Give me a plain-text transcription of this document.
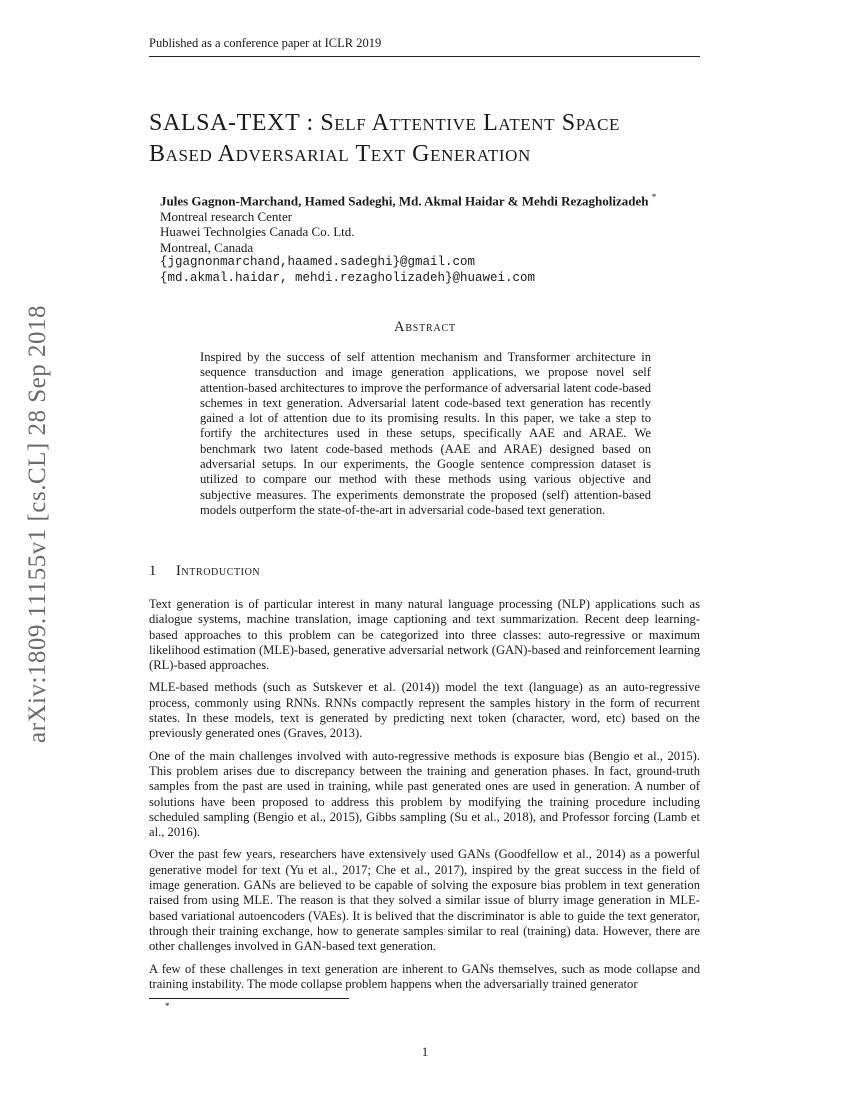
Published as a conference paper at ICLR 2019
arXiv:1809.11155v1 [cs.CL] 28 Sep 2018
SALSA-TEXT : Self Attentive Latent Space
Based Adversarial Text Generation
Jules Gagnon-Marchand, Hamed Sadeghi, Md. Akmal Haidar & Mehdi Rezagholizadeh *
Montreal research Center
Huawei Technolgies Canada Co. Ltd.
Montreal, Canada
{jgagnonmarchand,haamed.sadeghi}@gmail.com
{md.akmal.haidar, mehdi.rezagholizadeh}@huawei.com
Abstract
Inspired by the success of self attention mechanism and Transformer architecture in sequence transduction and image generation applications, we propose novel self attention-based architectures to improve the performance of adversarial latent code-based schemes in text generation. Adversarial latent code-based text generation has recently gained a lot of attention due to its promising results. In this paper, we take a step to fortify the architectures used in these setups, specifically AAE and ARAE. We benchmark two latent code-based methods (AAE and ARAE) designed based on adversarial setups. In our experiments, the Google sentence compression dataset is utilized to compare our method with these methods using various objective and subjective measures. The experiments demonstrate the proposed (self) attention-based models outperform the state-of-the-art in adversarial code-based text generation.
1 Introduction

Text generation is of particular interest in many natural language processing (NLP) applications such as dialogue systems, machine translation, image captioning and text summarization. Recent deep learning-based approaches to this problem can be categorized into three classes: auto-regressive or maximum likelihood estimation (MLE)-based, generative adversarial network (GAN)-based and reinforcement learning (RL)-based approaches.

MLE-based methods (such as Sutskever et al. (2014)) model the text (language) as an auto-regressive process, commonly using RNNs. RNNs compactly represent the samples history in the form of recurrent states. In these models, text is generated by predicting next token (character, word, etc) based on the previously generated ones (Graves, 2013).

One of the main challenges involved with auto-regressive methods is exposure bias (Bengio et al., 2015). This problem arises due to discrepancy between the training and generation phases. In fact, ground-truth samples from the past are used in training, while past generated ones are used in generation. A number of solutions have been proposed to address this problem by modifying the training procedure including scheduled sampling (Bengio et al., 2015), Gibbs sampling (Su et al., 2018), and Professor forcing (Lamb et al., 2016).

Over the past few years, researchers have extensively used GANs (Goodfellow et al., 2014) as a powerful generative model for text (Yu et al., 2017; Che et al., 2017), inspired by the great success in the field of image generation. GANs are believed to be capable of solving the exposure bias problem in text generation raised from using MLE. The reason is that they solved a similar issue of blurry image generation in MLE-based variational autoencoders (VAEs). It is belived that the discriminator is able to guide the text generator, through their training exchange, how to generate samples similar to real (training) data. However, there are other challenges involved in GAN-based text generation.

A few of these challenges in text generation are inherent to GANs themselves, such as mode collapse and training instability. The mode collapse problem happens when the adversarially trained generator

*
1
